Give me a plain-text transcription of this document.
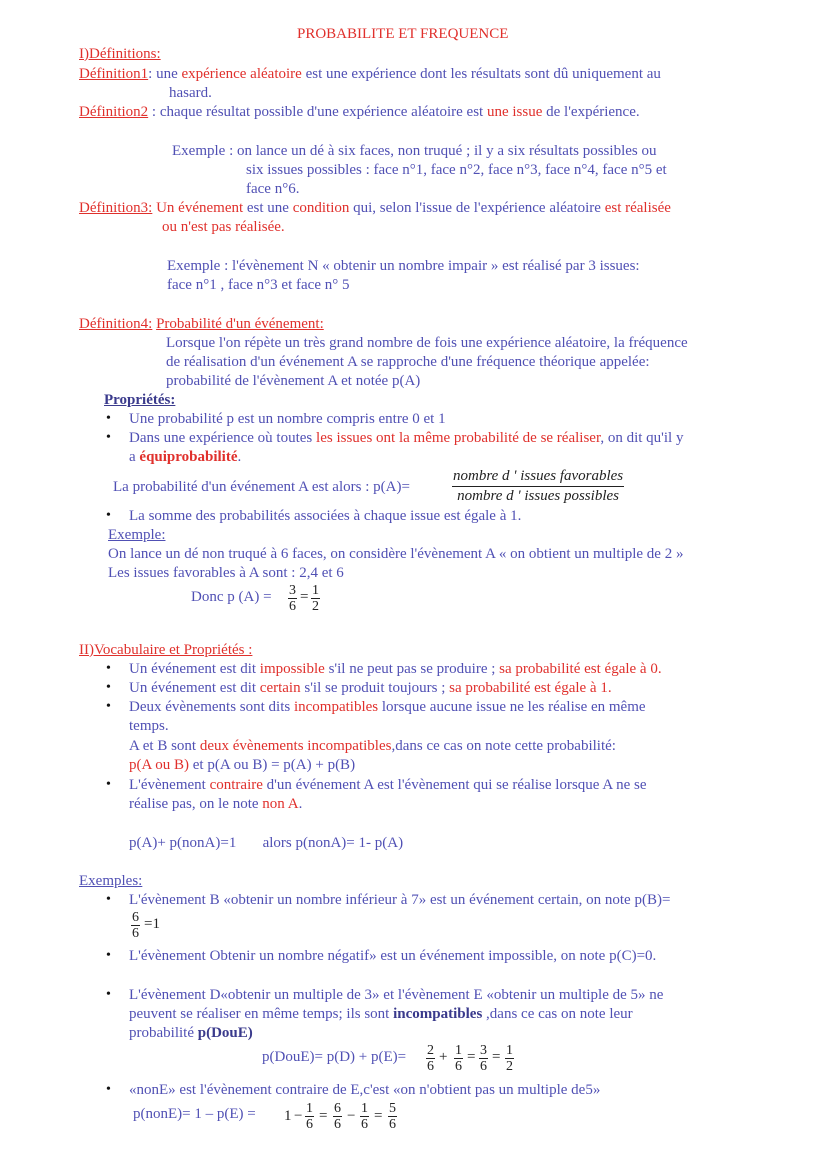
PROBABILITE ET FREQUENCE
I)Définitions:
Définition1: une expérience aléatoire est une expérience dont les résultats sont dû uniquement au
hasard.
Définition2 : chaque résultat possible d'une expérience aléatoire est une issue de l'expérience.
Exemple : on lance un dé à six faces, non truqué ; il y a six résultats possibles ou
six issues possibles : face n°1, face n°2, face n°3, face n°4, face n°5 et
face n°6.
Définition3: Un événement est une condition qui, selon l'issue de l'expérience aléatoire est réalisée
ou n'est pas réalisée.
Exemple : l'évènement N « obtenir un nombre impair » est réalisé par 3 issues:
face n°1 , face n°3 et face n° 5
Définition4: Probabilité d'un événement:
Lorsque l'on répète un très grand nombre de fois une expérience aléatoire, la fréquence
de réalisation d'un événement A se rapproche d'une fréquence théorique appelée:
probabilité de l'évènement A et notée p(A)
Propriétés:
• Une probabilité p est un nombre compris entre 0 et 1
• Dans une expérience où toutes les issues ont la même probabilité de se réaliser, on dit qu'il y
a équiprobabilité.
La probabilité d'un événement A est alors : p(A)=
nombre d ' issues favorables
nombre d ' issues possibles
• La somme des probabilités associées à chaque issue est égale à 1.
Exemple:
On lance un dé non truqué à 6 faces, on considère l'évènement A « on obtient un multiple de 2 »
Les issues favorables à A sont : 2,4 et 6
Donc p $(A) = \frac{3}{6} = \frac{1}{2}$
II)Vocabulaire et Propriétés :
• Un événement est dit impossible s'il ne peut pas se produire ; sa probabilité est égale à 0.
• Un événement est dit certain s'il se produit toujours ; sa probabilité est égale à 1.
• Deux évènements sont dits incompatibles lorsque aucune issue ne les réalise en même
temps.
A et B sont deux évènements incompatibles,dans ce cas on note cette probabilité:
p(A ou B) et p(A ou B) = p(A) + p(B)
• L'évènement contraire d'un événement A est l'évènement qui se réalise lorsque A ne se
réalise pas, on le note non A.
p(A)+ p(nonA)=1       alors p(nonA)= 1- p(A)
Exemples:
• L'évènement B «obtenir un nombre inférieur à 7» est un événement certain, on note p(B)=
$\frac{6}{6} =1$
• L'évènement Obtenir un nombre négatif» est un événement impossible, on note p(C)=0.
• L'évènement D«obtenir un multiple de 3» et l'évènement E «obtenir un multiple de 5» ne
peuvent se réaliser en même temps; ils sont incompatibles ,dans ce cas on note leur
probabilité p(DouE)
p(DouE)= $p(D) + p(E)= \frac{2}{6} + \frac{1}{6} = \frac{3}{6} = \frac{1}{2}$
• «nonE» est l'évènement contraire de E,c'est «on n'obtient pas un multiple de5»
p(nonE)= $1 - p(E) = 1 - \frac{1}{6} = \frac{6}{6} - \frac{1}{6} = \frac{5}{6}$
